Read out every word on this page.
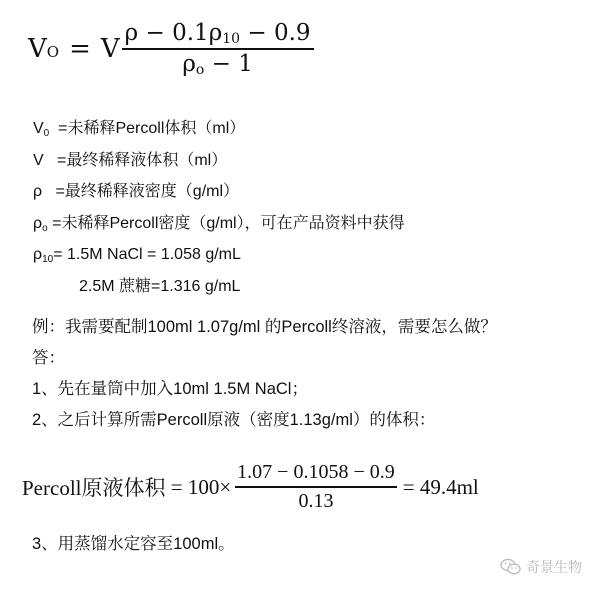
V O = V $\frac{\rho - 0.1\rho_{10} - 0.9}{\rho_o - 1}$
$V_0$  =未稀释Percoll体积（ml）
V   =最终稀释液体积（ml）
ρ   =最终稀释液密度（g/ml）
$\rho_o$ =未稀释Percoll密度（g/ml），可在产品资料中获得
$\rho_{10}= 1.5M$ NaCl = 1.058 g/mL
2.5M 蔗糖=1.316 g/mL
例：我需要配制100ml 1.07g/ml 的Percoll终溶液，需要怎么做？
答：
1、先在量筒中加入10ml 1.5M NaCl；
2、之后计算所需Percoll原液（密度1.13g/ml）的体积：
Percoll原液体积 = $100\times \frac{1.07 - 0.1058 - 0.9}{0.13} = 49.4ml$
3、用蒸馏水定容至100ml。
奇景生物
